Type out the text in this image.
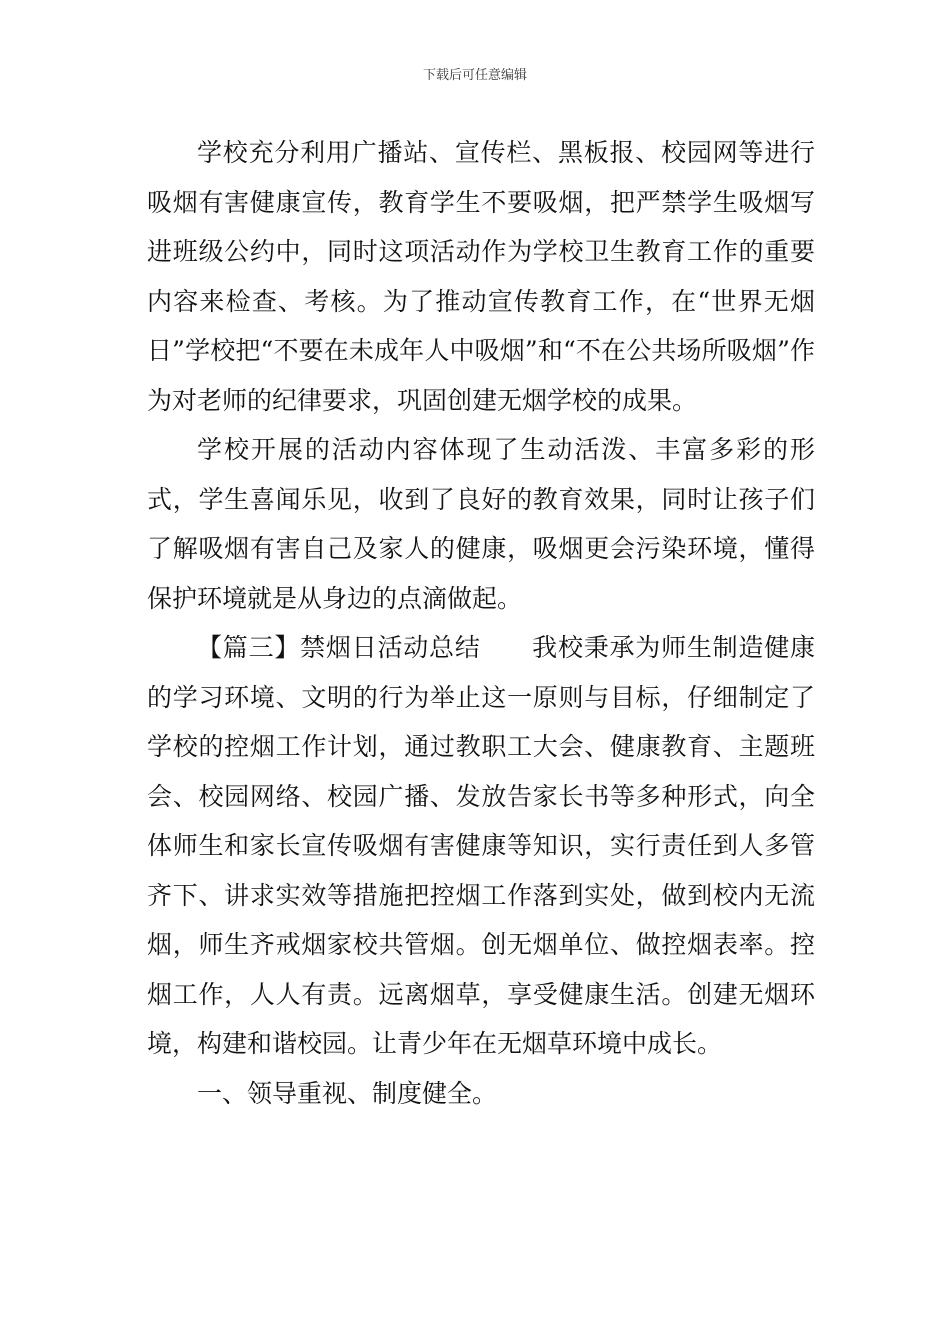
下载后可任意编辑

学校充分利用广播站、宣传栏、黑板报、校园网等进行吸烟有害健康宣传，教育学生不要吸烟，把严禁学生吸烟写进班级公约中，同时这项活动作为学校卫生教育工作的重要内容来检查、考核。为了推动宣传教育工作，在“世界无烟日”学校把“不要在未成年人中吸烟”和“不在公共场所吸烟”作为对老师的纪律要求，巩固创建无烟学校的成果。

学校开展的活动内容体现了生动活泼、丰富多彩的形式，学生喜闻乐见，收到了良好的教育效果，同时让孩子们了解吸烟有害自己及家人的健康，吸烟更会污染环境，懂得保护环境就是从身边的点滴做起。

【篇三】禁烟日活动总结　　我校秉承为师生制造健康的学习环境、文明的行为举止这一原则与目标，仔细制定了学校的控烟工作计划，通过教职工大会、健康教育、主题班会、校园网络、校园广播、发放告家长书等多种形式，向全体师生和家长宣传吸烟有害健康等知识，实行责任到人多管齐下、讲求实效等措施把控烟工作落到实处，做到校内无流烟，师生齐戒烟家校共管烟。创无烟单位、做控烟表率。控烟工作，人人有责。远离烟草，享受健康生活。创建无烟环境，构建和谐校园。让青少年在无烟草环境中成长。

一、领导重视、制度健全。
